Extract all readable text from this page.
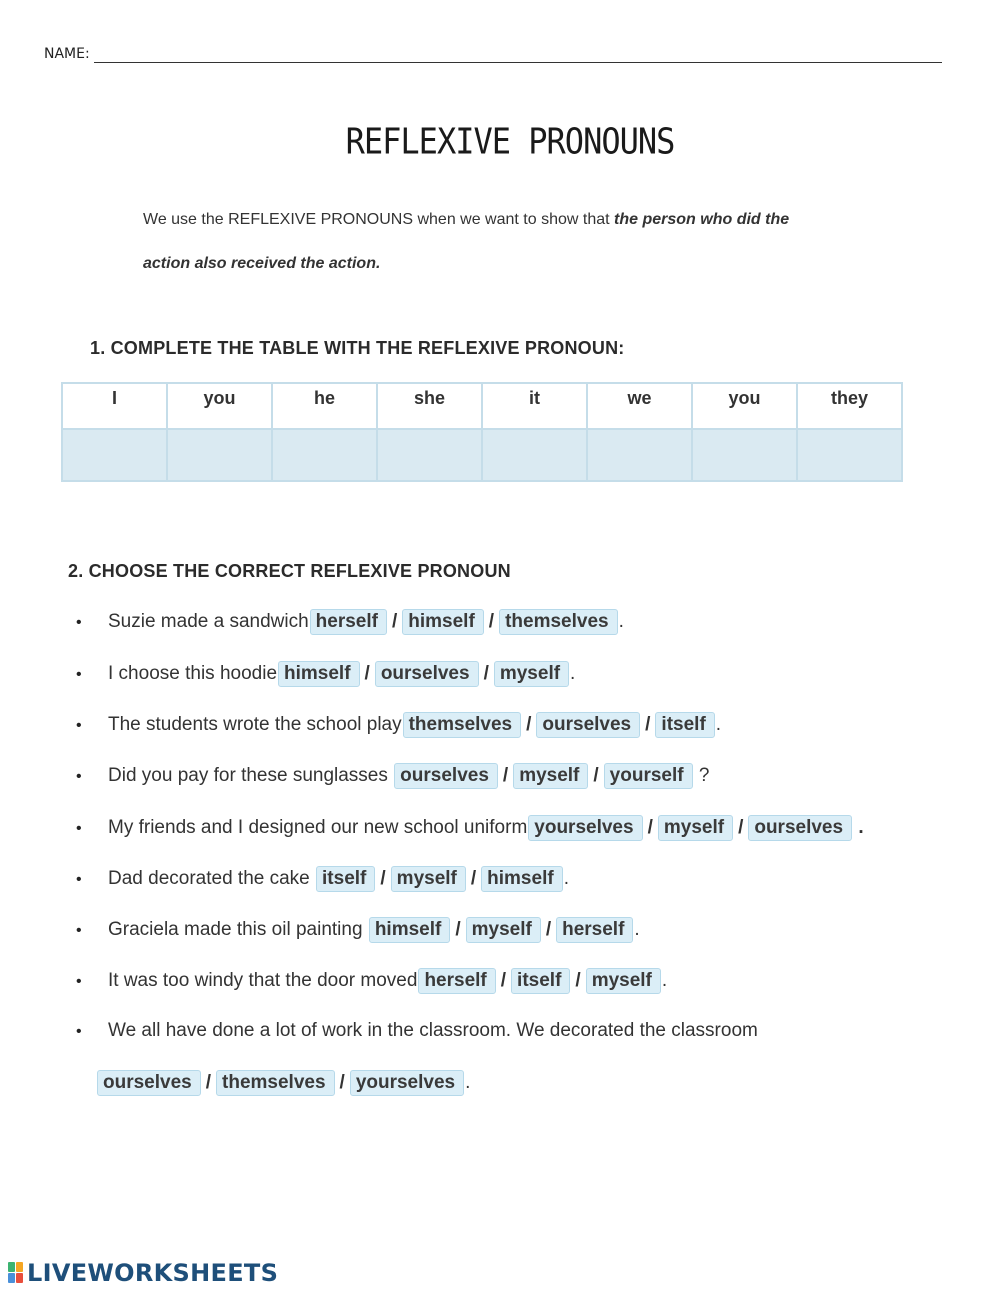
NAME:
REFLEXIVE PRONOUNS
We use the REFLEXIVE PRONOUNS when we want to show that the person who did the
action also received the action.
1. COMPLETE THE TABLE WITH THE REFLEXIVE PRONOUN:
I	you	he	she	it	we	you	they

2. CHOOSE THE CORRECT REFLEXIVE PRONOUN
• Suzie made a sandwich herself / himself / themselves .
• I choose this hoodie himself / ourselves / myself .
• The students wrote the school play themselves / ourselves / itself .
• Did you pay for these sunglasses ourselves / myself / yourself ?
• My friends and I designed our new school uniform yourselves / myself / ourselves .
• Dad decorated the cake itself / myself / himself .
• Graciela made this oil painting himself / myself / herself .
• It was too windy that the door moved herself / itself / myself .
• We all have done a lot of work in the classroom. We decorated the classroom
ourselves / themselves / yourselves .
LIVEWORKSHEETS
